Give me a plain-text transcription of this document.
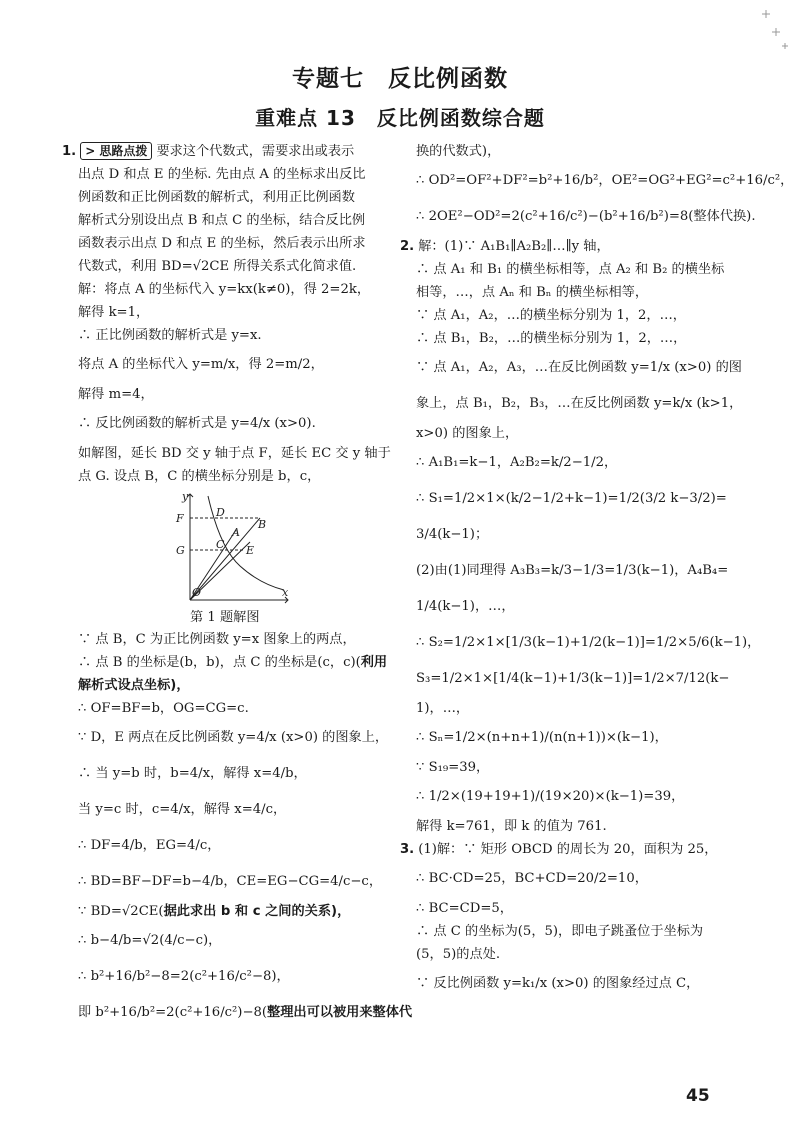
专题七　反比例函数
重难点 13　反比例函数综合题
1. > 思路点拨 要求这个代数式，需要求出或表示
出点 D 和点 E 的坐标. 先由点 A 的坐标求出反比
例函数和正比例函数的解析式，利用正比例函数
解析式分别设出点 B 和点 C 的坐标，结合反比例
函数表示出点 D 和点 E 的坐标，然后表示出所求
代数式，利用 BD=√2CE 所得关系式化简求值.
解：将点 A 的坐标代入 y=kx(k≠0)，得 2=2k，
解得 k=1，
∴ 正比例函数的解析式是 y=x.
将点 A 的坐标代入 y=m/x，得 2=m/2，
解得 m=4，
∴ 反比例函数的解析式是 y=4/x (x>0).
如解图，延长 BD 交 y 轴于点 F，延长 EC 交 y 轴于
点 G. 设点 B，C 的横坐标分别是 b，c，
y
F
G
O	x
D
B
C
A
E
第 1 题解图
∵ 点 B，C 为正比例函数 y=x 图象上的两点，
∴ 点 B 的坐标是(b，b)，点 C 的坐标是(c，c)(利用
解析式设点坐标)，
∴ OF=BF=b，OG=CG=c.
∵ D，E 两点在反比例函数 y=4/x (x>0) 的图象上，
∴ 当 y=b 时，b=4/x，解得 x=4/b，
当 y=c 时，c=4/x，解得 x=4/c，
∴ DF=4/b，EG=4/c，
∴ BD=BF−DF=b−4/b，CE=EG−CG=4/c−c，
∵ BD=√2CE(据此求出 b 和 c 之间的关系)，
∴ b−4/b=√2(4/c−c)，
∴ b²+16/b²−8=2(c²+16/c²−8)，
即 b²+16/b²=2(c²+16/c²)−8(整理出可以被用来整体代
换的代数式)，
∴ OD²=OF²+DF²=b²+16/b²，OE²=OG²+EG²=c²+16/c²，
∴ 2OE²−OD²=2(c²+16/c²)−(b²+16/b²)=8(整体代换).
2. 解：(1)∵ A₁B₁∥A₂B₂∥…∥y 轴，
∴ 点 A₁ 和 B₁ 的横坐标相等，点 A₂ 和 B₂ 的横坐标
相等，…，点 Aₙ 和 Bₙ 的横坐标相等，
∵ 点 A₁，A₂，…的横坐标分别为 1，2，…，
∴ 点 B₁，B₂，…的横坐标分别为 1，2，…，
∵ 点 A₁，A₂，A₃，…在反比例函数 y=1/x (x>0) 的图
象上，点 B₁，B₂，B₃，…在反比例函数 y=k/x (k>1，
x>0) 的图象上，
∴ A₁B₁=k−1，A₂B₂=k/2−1/2，
∴ S₁=1/2×1×(k/2−1/2+k−1)=1/2(3/2 k−3/2)=
3/4(k−1)；
(2)由(1)同理得 A₃B₃=k/3−1/3=1/3(k−1)，A₄B₄=
1/4(k−1)，…，
∴ S₂=1/2×1×[1/3(k−1)+1/2(k−1)]=1/2×5/6(k−1)，
S₃=1/2×1×[1/4(k−1)+1/3(k−1)]=1/2×7/12(k−
1)，…，
∴ Sₙ=1/2×(n+n+1)/(n(n+1))×(k−1)，
∵ S₁₉=39，
∴ 1/2×(19+19+1)/(19×20)×(k−1)=39，
解得 k=761，即 k 的值为 761.
3. (1)解：∵ 矩形 OBCD 的周长为 20，面积为 25，
∴ BC·CD=25，BC+CD=20/2=10，
∴ BC=CD=5，
∴ 点 C 的坐标为(5，5)，即电子跳蚤位于坐标为
(5，5)的点处.
∵ 反比例函数 y=k₁/x (x>0) 的图象经过点 C，
45
